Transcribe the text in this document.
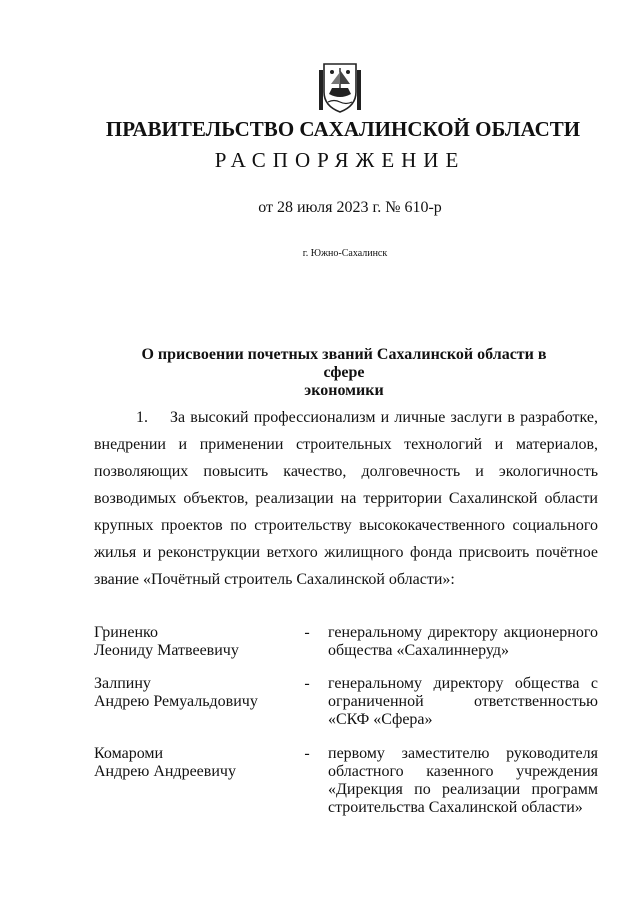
ПРАВИТЕЛЬСТВО САХАЛИНСКОЙ ОБЛАСТИ
РАСПОРЯЖЕНИЕ
от 28 июля 2023 г. № 610-р
г. Южно-Сахалинск
О присвоении почетных званий Сахалинской области в сфере
экономики
1. За высокий профессионализм и личные заслуги в разработке,
внедрении и применении строительных технологий и материалов,
позволяющих повысить качество, долговечность и экологичность
возводимых объектов, реализации на территории Сахалинской области
крупных проектов по строительству высококачественного социального
жилья и реконструкции ветхого жилищного фонда присвоить почётное
звание «Почётный строитель Сахалинской области»:
Гриненко
Леониду Матвеевичу
- генеральному директору акционерного
общества «Сахалиннеруд»
Залпину
Андрею Ремуальдовичу
- генеральному директору общества с
ограниченной ответственностью
«СКФ «Сфера»
Комароми
Андрею Андреевичу
- первому заместителю руководителя
областного казенного учреждения
«Дирекция по реализации программ
строительства Сахалинской области»
